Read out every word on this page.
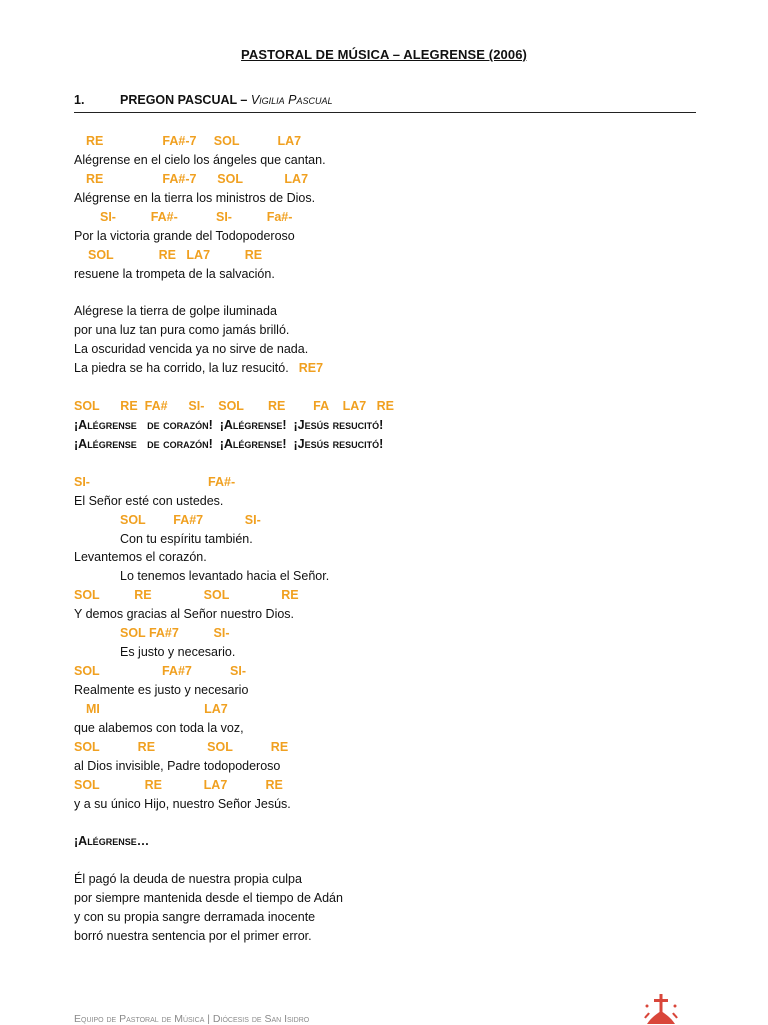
PASTORAL DE MÚSICA – ALEGRENSE (2006)
1.	PREGON PASCUAL – Vigilia Pascual
RE                 FA#-7     SOL           LA7
Alégrense en el cielo los ángeles que cantan.
RE                 FA#-7      SOL            LA7
Alégrense en la tierra los ministros de Dios.
SI-          FA#-           SI-          Fa#-
Por la victoria grande del Todopoderoso
SOL             RE   LA7          RE
resuene la trompeta de la salvación.
Alégrese la tierra de golpe iluminada
por una luz tan pura como jamás brilló.
La oscuridad vencida ya no sirve de nada.
La piedra se ha corrido, la luz resucitó. RE7
SOL      RE  FA#      SI-    SOL       RE        FA    LA7   RE
¡Alégrense   de corazón!  ¡Alégrense!  ¡Jesús resucitó!
¡Alégrense   de corazón!  ¡Alégrense!  ¡Jesús resucitó!
SI-                                  FA#-
El Señor esté con ustedes.
SOL        FA#7            SI-
Con tu espíritu también.
Levantemos el corazón.
Lo tenemos levantado hacia el Señor.
SOL          RE               SOL               RE
Y demos gracias al Señor nuestro Dios.
SOL FA#7          SI-
Es justo y necesario.
SOL                  FA#7           SI-
Realmente es justo y necesario
MI                              LA7
que alabemos con toda la voz,
SOL           RE               SOL           RE
al Dios invisible, Padre todopoderoso
SOL             RE            LA7           RE
y a su único Hijo, nuestro Señor Jesús.
¡Alégrense…
Él pagó la deuda de nuestra propia culpa
por siempre mantenida desde el tiempo de Adán
y con su propia sangre derramada inocente
borró nuestra sentencia por el primer error.
Equipo de Pastoral de Música | Diócesis de San Isidro
